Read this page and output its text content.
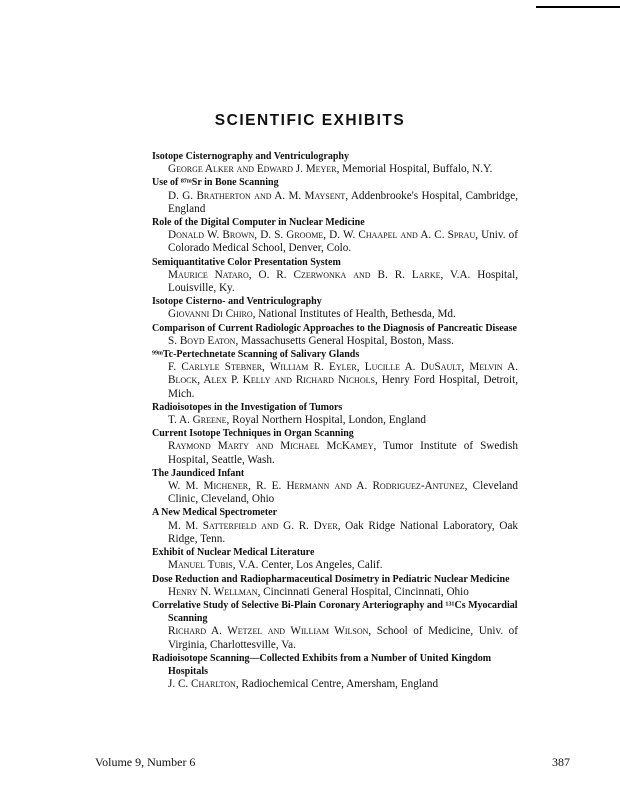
SCIENTIFIC EXHIBITS
Isotope Cisternography and Ventriculography
George Alker and Edward J. Meyer, Memorial Hospital, Buffalo, N.Y.
Use of ⁸⁷ᵐSr in Bone Scanning
D. G. Bratherton and A. M. Maysent, Addenbrooke's Hospital, Cambridge, England
Role of the Digital Computer in Nuclear Medicine
Donald W. Brown, D. S. Groome, D. W. Chaapel and A. C. Sprau, Univ. of Colorado Medical School, Denver, Colo.
Semiquantitative Color Presentation System
Maurice Nataro, O. R. Czerwonka and B. R. Larke, V.A. Hospital, Louisville, Ky.
Isotope Cisterno- and Ventriculography
Giovanni Di Chiro, National Institutes of Health, Bethesda, Md.
Comparison of Current Radiologic Approaches to the Diagnosis of Pancreatic Disease
S. Boyd Eaton, Massachusetts General Hospital, Boston, Mass.
⁹⁹ᵐTc-Pertechnetate Scanning of Salivary Glands
F. Carlyle Stebner, William R. Eyler, Lucille A. DuSault, Melvin A. Block, Alex P. Kelly and Richard Nichols, Henry Ford Hospital, Detroit, Mich.
Radioisotopes in the Investigation of Tumors
T. A. Greene, Royal Northern Hospital, London, England
Current Isotope Techniques in Organ Scanning
Raymond Marty and Michael McKamey, Tumor Institute of Swedish Hospital, Seattle, Wash.
The Jaundiced Infant
W. M. Michener, R. E. Hermann and A. Rodriguez-Antunez, Cleveland Clinic, Cleveland, Ohio
A New Medical Spectrometer
M. M. Satterfield and G. R. Dyer, Oak Ridge National Laboratory, Oak Ridge, Tenn.
Exhibit of Nuclear Medical Literature
Manuel Tubis, V.A. Center, Los Angeles, Calif.
Dose Reduction and Radiopharmaceutical Dosimetry in Pediatric Nuclear Medicine
Henry N. Wellman, Cincinnati General Hospital, Cincinnati, Ohio
Correlative Study of Selective Bi-Plain Coronary Arteriography and ¹³¹Cs Myocardial Scanning
Richard A. Wetzel and William Wilson, School of Medicine, Univ. of Virginia, Charlottesville, Va.
Radioisotope Scanning—Collected Exhibits from a Number of United Kingdom Hospitals
J. C. Charlton, Radiochemical Centre, Amersham, England
Volume 9, Number 6	387
